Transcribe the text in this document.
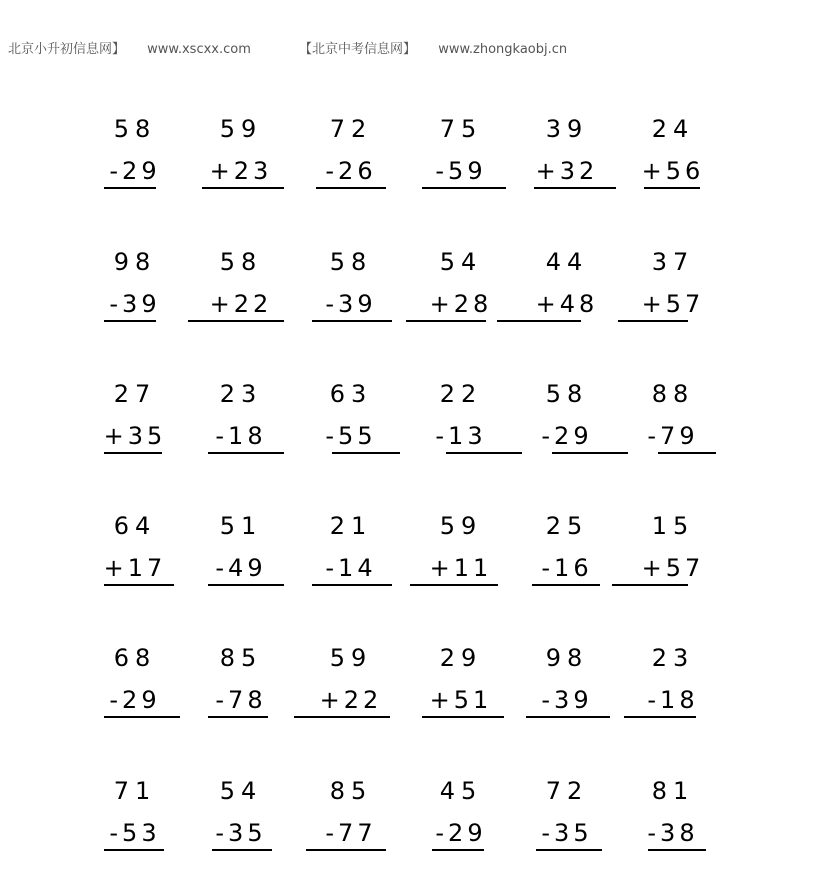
北京小升初信息网】 www.xscxx.com	【北京中考信息网】 www.zhongkaobj.cn
58
-29
59
+23
72
-26
75
-59
39
+32
24
+56
98
-39
58
+22
58
-39
54
+28
44
+48
37
+57
27
+35
23
-18
63
-55
22
-13
58
-29
88
-79
64
+17
51
-49
21
-14
59
+11
25
-16
15
+57
68
-29
85
-78
59
+22
29
+51
98
-39
23
-18
71
-53
54
-35
85
-77
45
-29
72
-35
81
-38
